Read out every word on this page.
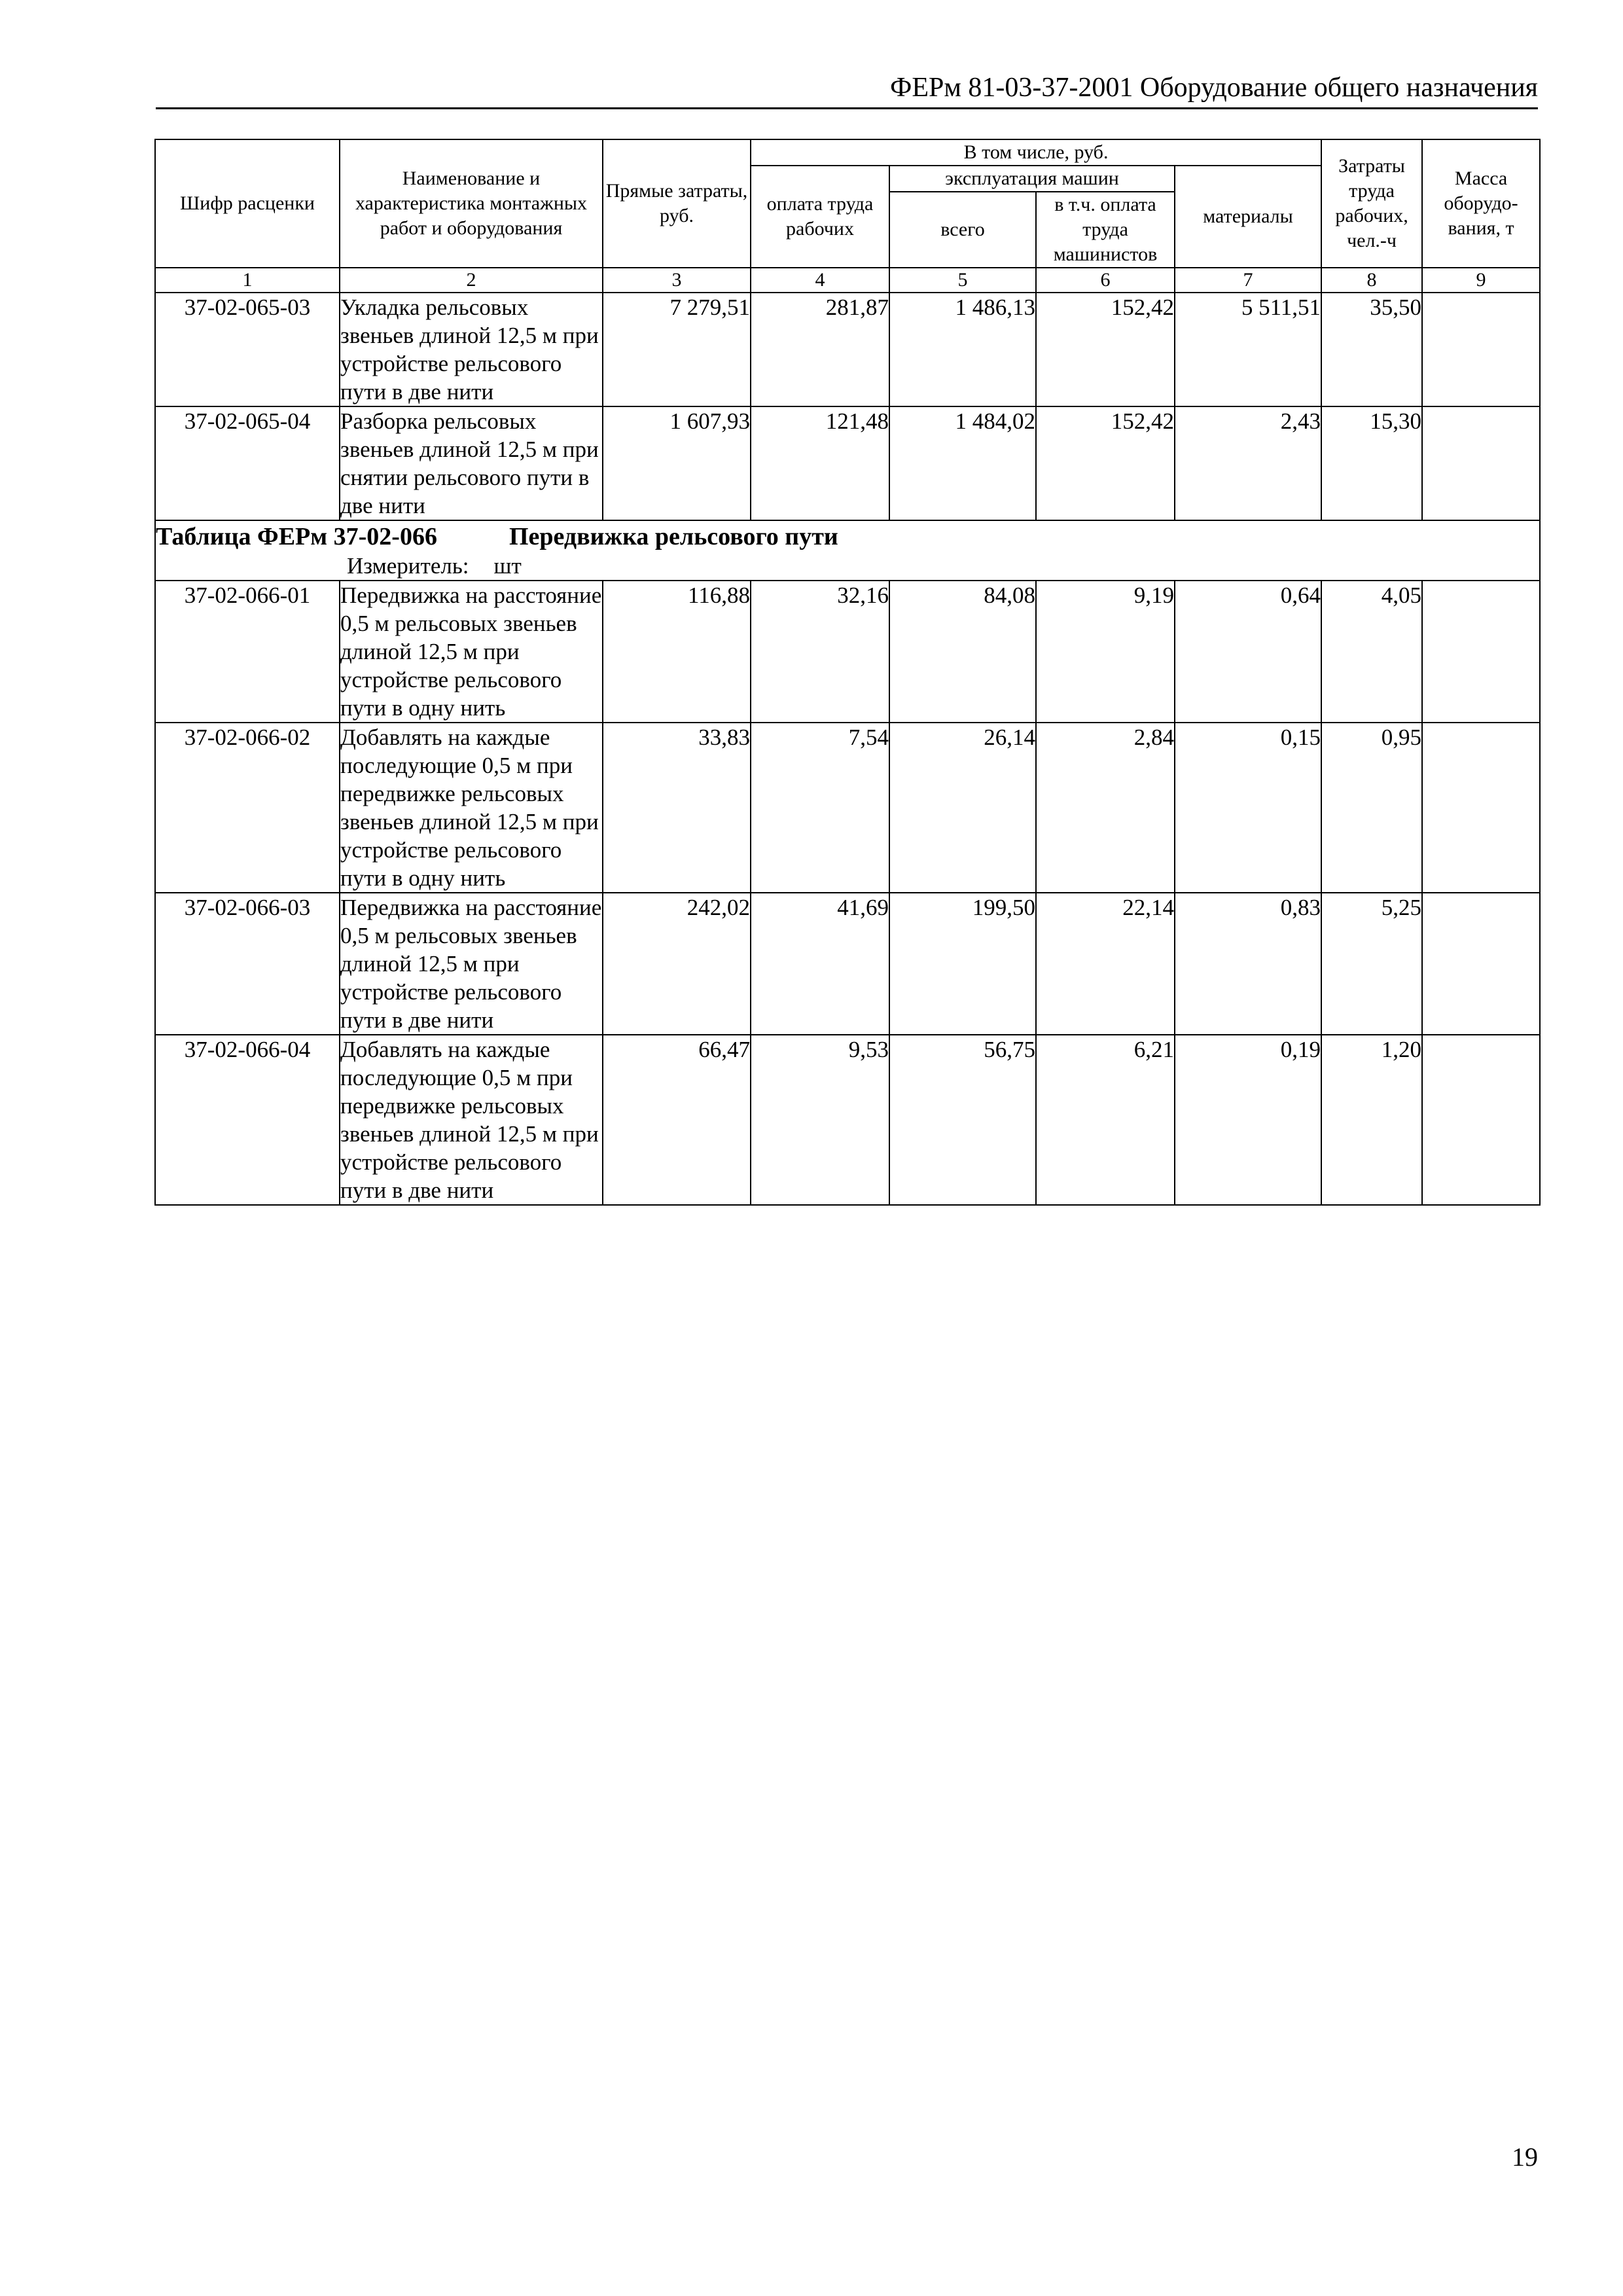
ФЕРм 81-03-37-2001 Оборудование общего назначения
Шифр расценки	Наименование и характеристика монтажных работ и оборудования	Прямые затраты, руб.	В том числе, руб.				Затраты труда рабочих, чел.-ч	Масса оборудо-вания, т
			оплата труда рабочих	эксплуатация машин		материалы		
				всего	в т.ч. оплата труда машинистов			
1	2	3	4	5	6	7	8	9
37-02-065-03	Укладка рельсовых звеньев длиной 12,5 м при устройстве рельсового пути в две нити	7 279,51	281,87	1 486,13	152,42	5 511,51	35,50	
37-02-065-04	Разборка рельсовых звеньев длиной 12,5 м при снятии рельсового пути в две нити	1 607,93	121,48	1 484,02	152,42	2,43	15,30	

Таблица ФЕРм 37-02-066 Передвижка рельсового пути
Измеритель: шт								

37-02-066-01	Передвижка на расстояние 0,5 м рельсовых звеньев длиной 12,5 м при устройстве рельсового пути в одну нить	116,88	32,16	84,08	9,19	0,64	4,05	
37-02-066-02	Добавлять на каждые последующие 0,5 м при передвижке рельсовых звеньев длиной 12,5 м при устройстве рельсового пути в одну нить	33,83	7,54	26,14	2,84	0,15	0,95	
37-02-066-03	Передвижка на расстояние 0,5 м рельсовых звеньев длиной 12,5 м при устройстве рельсового пути в две нити	242,02	41,69	199,50	22,14	0,83	5,25	
37-02-066-04	Добавлять на каждые последующие 0,5 м при передвижке рельсовых звеньев длиной 12,5 м при устройстве рельсового пути в две нити	66,47	9,53	56,75	6,21	0,19	1,20	
19
